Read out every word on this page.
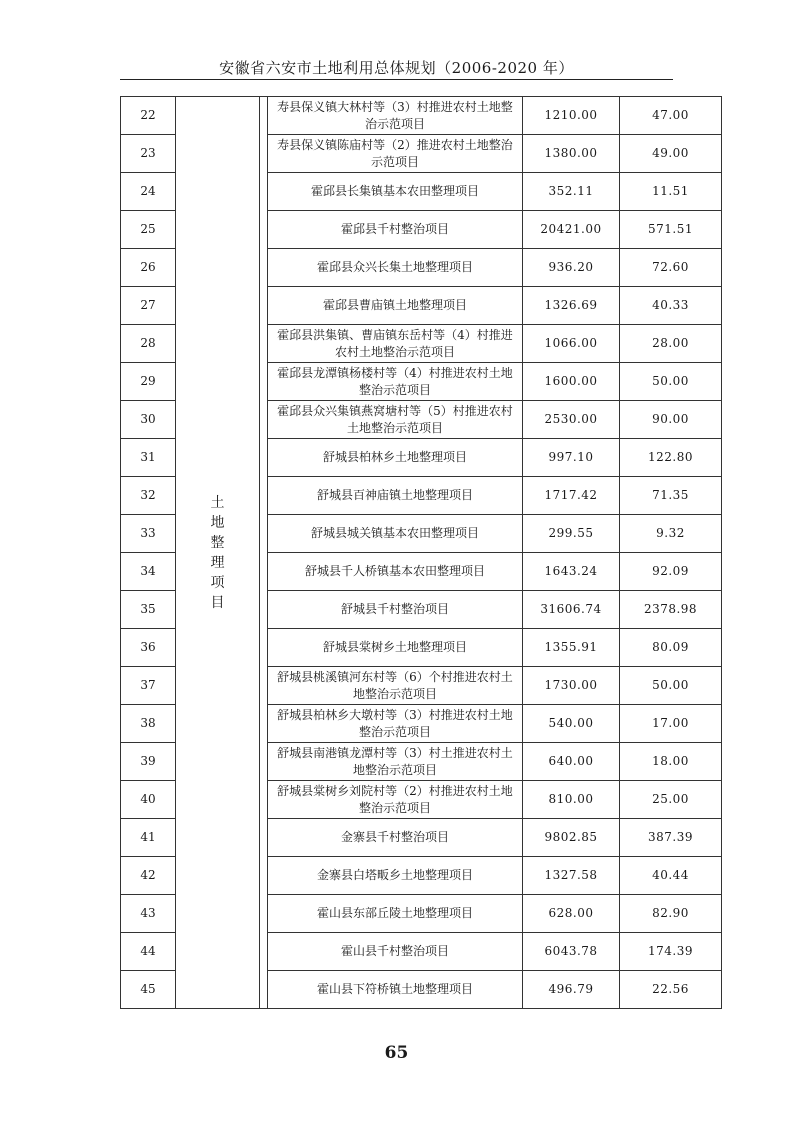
安徽省六安市土地利用总体规划（2006-2020 年）
22	土地整理项目		寿县保义镇大林村等（3）村推进农村土地整治示范项目	1210.00	47.00
23			寿县保义镇陈庙村等（2）推进农村土地整治示范项目	1380.00	49.00
24			霍邱县长集镇基本农田整理项目	352.11	11.51
25			霍邱县千村整治项目	20421.00	571.51
26			霍邱县众兴长集土地整理项目	936.20	72.60
27			霍邱县曹庙镇土地整理项目	1326.69	40.33
28			霍邱县洪集镇、曹庙镇东岳村等（4）村推进农村土地整治示范项目	1066.00	28.00
29			霍邱县龙潭镇杨楼村等（4）村推进农村土地整治示范项目	1600.00	50.00
30			霍邱县众兴集镇燕窝塘村等（5）村推进农村土地整治示范项目	2530.00	90.00
31			舒城县柏林乡土地整理项目	997.10	122.80
32			舒城县百神庙镇土地整理项目	1717.42	71.35
33			舒城县城关镇基本农田整理项目	299.55	9.32
34			舒城县千人桥镇基本农田整理项目	1643.24	92.09
35			舒城县千村整治项目	31606.74	2378.98
36			舒城县棠树乡土地整理项目	1355.91	80.09
37			舒城县桃溪镇河东村等（6）个村推进农村土地整治示范项目	1730.00	50.00
38			舒城县柏林乡大墩村等（3）村推进农村土地整治示范项目	540.00	17.00
39			舒城县南港镇龙潭村等（3）村土推进农村土地整治示范项目	640.00	18.00
40			舒城县棠树乡刘院村等（2）村推进农村土地整治示范项目	810.00	25.00
41			金寨县千村整治项目	9802.85	387.39
42			金寨县白塔畈乡土地整理项目	1327.58	40.44
43			霍山县东部丘陵土地整理项目	628.00	82.90
44			霍山县千村整治项目	6043.78	174.39
45			霍山县下符桥镇土地整理项目	496.79	22.56
65
